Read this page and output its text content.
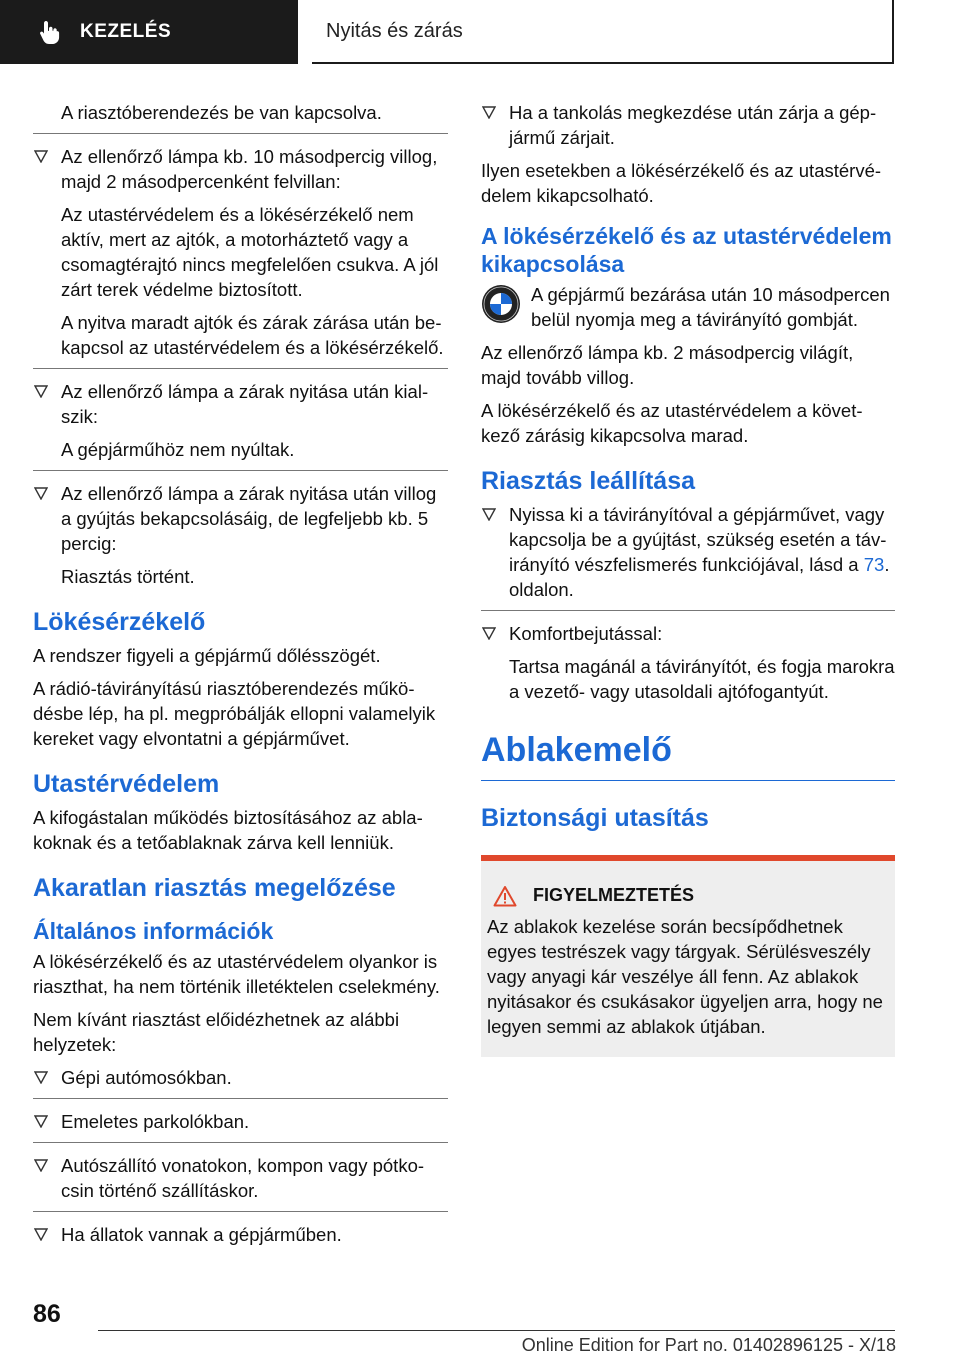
KEZELÉS	Nyitás és zárás
A riasztóberendezés be van kapcsolva.
Az ellenőrző lámpa kb. 10 másodpercig villog, majd 2 másodpercenként felvillan:
Az utastérvédelem és a lökésérzékelő nem aktív, mert az ajtók, a motorháztető vagy a csomagtérajtó nincs megfelelően csukva. A jól zárt terek védelme biztosított.
A nyitva maradt ajtók és zárak zárása után bekapcsol az utastérvédelem és a lökésérzékelő.
Az ellenőrző lámpa a zárak nyitása után kialszik:
A gépjárműhöz nem nyúltak.
Az ellenőrző lámpa a zárak nyitása után villog a gyújtás bekapcsolásáig, de legfeljebb kb. 5 percig:
Riasztás történt.
Lökésérzékelő
A rendszer figyeli a gépjármű dőlésszögét.
A rádió-távirányítású riasztóberendezés működésbe lép, ha pl. megpróbálják ellopni valamelyik kereket vagy elvontatni a gépjárművet.
Utastérvédelem
A kifogástalan működés biztosításához az ablakoknak és a tetőablaknak zárva kell lenniük.
Akaratlan riasztás megelőzése
Általános információk
A lökésérzékelő és az utastérvédelem olyankor is riaszthat, ha nem történik illetéktelen cselekmény.
Nem kívánt riasztást előidézhetnek az alábbi helyzetek:
Gépi autómosókban.
Emeletes parkolókban.
Autószállító vonatokon, kompon vagy pótkocsin történő szállításkor.
Ha állatok vannak a gépjárműben.
Ha a tankolás megkezdése után zárja a gépjármű zárjait.
Ilyen esetekben a lökésérzékelő és az utastérvédelem kikapcsolható.
A lökésérzékelő és az utastérvédelem kikapcsolása
A gépjármű bezárása után 10 másodpercen belül nyomja meg a távirányító gombját.
Az ellenőrző lámpa kb. 2 másodpercig világít, majd tovább villog.
A lökésérzékelő és az utastérvédelem a következő zárásig kikapcsolva marad.
Riasztás leállítása
Nyissa ki a távirányítóval a gépjárművet, vagy kapcsolja be a gyújtást, szükség esetén a távirányító vészfelismerés funkciójával, lásd a 73. oldalon.
Komfortbejutással:
Tartsa magánál a távirányítót, és fogja marokra a vezető- vagy utasoldali ajtófogantyút.
Ablakemelő
Biztonsági utasítás
FIGYELMEZTETÉS
Az ablakok kezelése során becsípődhetnek egyes testrészek vagy tárgyak. Sérülésveszély vagy anyagi kár veszélye áll fenn. Az ablakok nyitásakor és csukásakor ügyeljen arra, hogy ne legyen semmi az ablakok útjában.
86
Online Edition for Part no. 01402896125 - X/18
